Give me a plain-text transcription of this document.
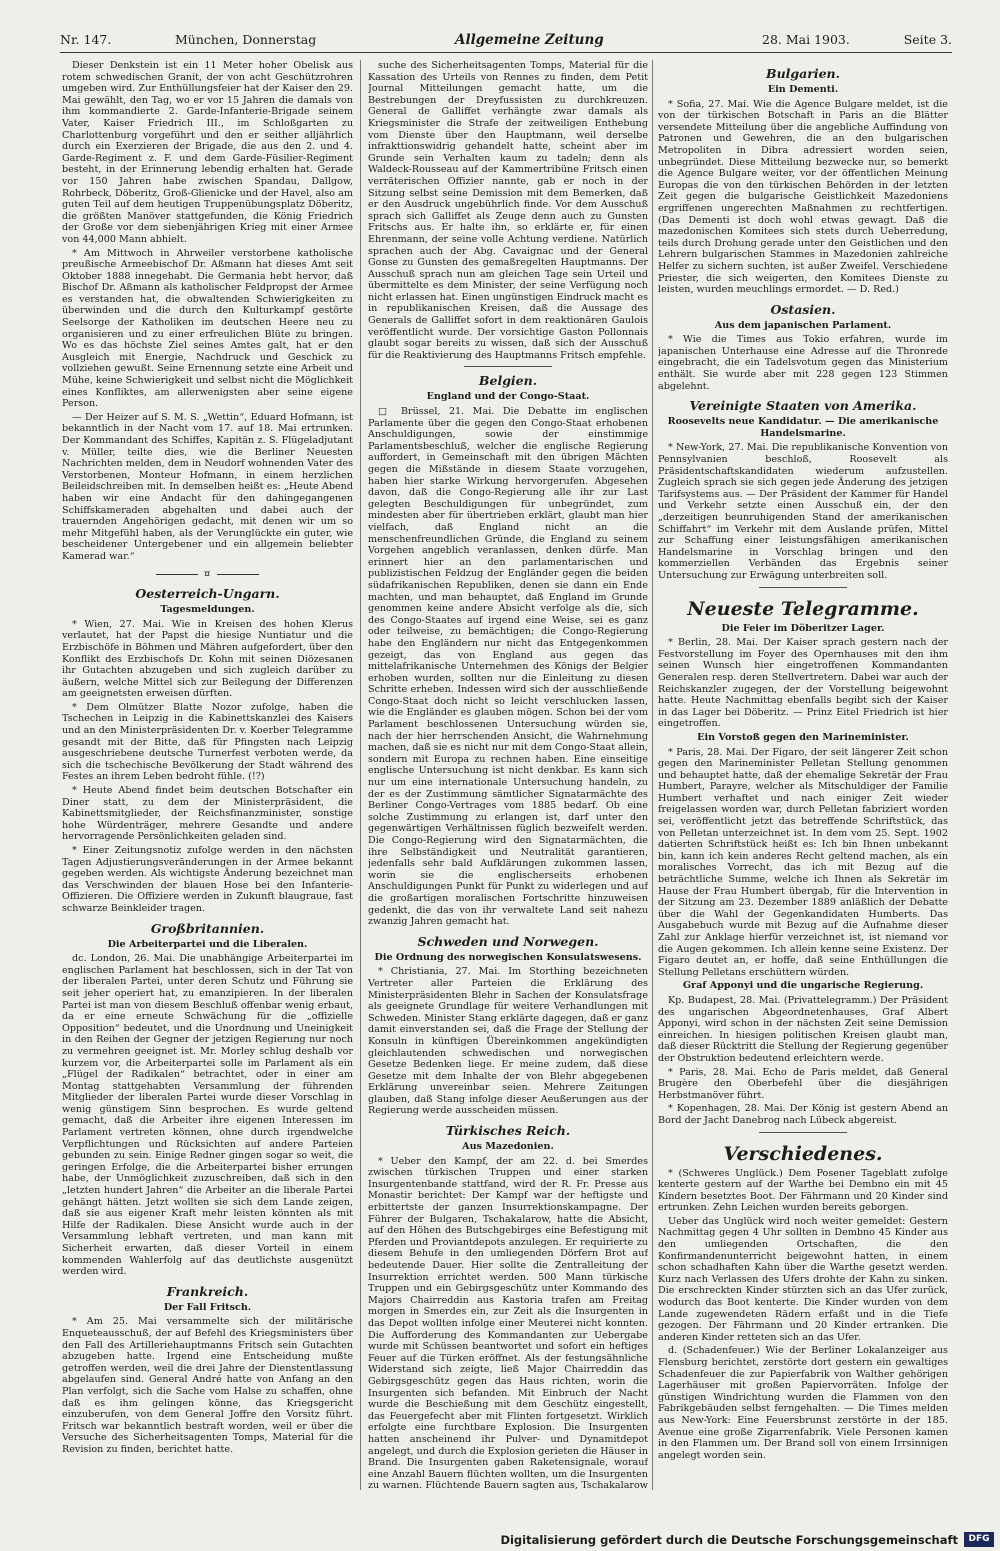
Nr. 147.	München, Donnerstag	Allgemeine Zeitung	28. Mai 1903.	Seite 3.

Dieser Denkstein ist ein 11 Meter hoher Obelisk aus rotem schwedischen Granit, der von acht Geschützrohren umgeben wird. Zur Enthüllungsfeier hat der Kaiser den 29. Mai gewählt, den Tag, wo er vor 15 Jahren die damals von ihm kommandierte 2. Garde-Infanterie-Brigade seinem Vater, Kaiser Friedrich III., im Schloßgarten zu Charlottenburg vorgeführt und den er seither alljährlich durch ein Exerzieren der Brigade, die aus den 2. und 4. Garde-Regiment z. F. und dem Garde-Füsilier-Regiment besteht, in der Erinnerung lebendig erhalten hat. Gerade vor 150 Jahren habe zwischen Spandau, Dallgow, Rohrbeck, Döberitz, Groß-Glienicke und der Havel, also am guten Teil auf dem heutigen Truppenübungsplatz Döberitz, die größten Manöver stattgefunden, die König Friedrich der Große vor dem siebenjährigen Krieg mit einer Armee von 44,000 Mann abhielt.

* Am Mittwoch in Ahrweiler verstorbene katholische preußische Armeebischof Dr. Aßmann hat dieses Amt seit Oktober 1888 innegehabt. Die Germania hebt hervor, daß Bischof Dr. Aßmann als katholischer Feldpropst der Armee es verstanden hat, die obwaltenden Schwierigkeiten zu überwinden und die durch den Kulturkampf gestörte Seelsorge der Katholiken im deutschen Heere neu zu organisieren und zu einer erfreulichen Blüte zu bringen. Wo es das höchste Ziel seines Amtes galt, hat er den Ausgleich mit Energie, Nachdruck und Geschick zu vollziehen gewußt. Seine Ernennung setzte eine Arbeit und Mühe, keine Schwierigkeit und selbst nicht die Möglichkeit eines Konfliktes, am allerwenigsten aber seine eigene Person.

— Der Heizer auf S. M. S. „Wettin“, Eduard Hofmann, ist bekanntlich in der Nacht vom 17. auf 18. Mai ertrunken. Der Kommandant des Schiffes, Kapitän z. S. Flügeladjutant v. Müller, teilte dies, wie die Berliner Neuesten Nachrichten melden, dem in Neudorf wohnenden Vater des Verstorbenen, Monteur Hofmann, in einem herzlichen Beileidschreiben mit. In demselben heißt es: „Heute Abend haben wir eine Andacht für den dahingegangenen Schiffskameraden abgehalten und dabei auch der trauernden Angehörigen gedacht, mit denen wir um so mehr Mitgefühl haben, als der Verunglückte ein guter, wie bescheidener Untergebener und ein allgemein beliebter Kamerad war.“

¤
Oesterreich-Ungarn.
Tagesmeldungen.

* Wien, 27. Mai. Wie in Kreisen des hohen Klerus verlautet, hat der Papst die hiesige Nuntiatur und die Erzbischöfe in Böhmen und Mähren aufgefordert, über den Konflikt des Erzbischofs Dr. Kohn mit seinen Diözesanen ihr Gutachten abzugeben und sich zugleich darüber zu äußern, welche Mittel sich zur Beilegung der Differenzen am geeignetsten erweisen dürften.

* Dem Olmützer Blatte Nozor zufolge, haben die Tschechen in Leipzig in die Kabinettskanzlei des Kaisers und an den Ministerpräsidenten Dr. v. Koerber Telegramme gesandt mit der Bitte, daß für Pfingsten nach Leipzig ausgeschriebene deutsche Turnerfest verboten werde, da sich die tschechische Bevölkerung der Stadt während des Festes an ihrem Leben bedroht fühle. (!?)

* Heute Abend findet beim deutschen Botschafter ein Diner statt, zu dem der Ministerpräsident, die Kabinettsmitglieder, der Reichsfinanzminister, sonstige hohe Würdenträger, mehrere Gesandte und andere hervorragende Persönlichkeiten geladen sind.

* Einer Zeitungsnotiz zufolge werden in den nächsten Tagen Adjustierungsveränderungen in der Armee bekannt gegeben werden. Als wichtigste Änderung bezeichnet man das Verschwinden der blauen Hose bei den Infanterie-Offizieren. Die Offiziere werden in Zukunft blaugraue, fast schwarze Beinkleider tragen.

Großbritannien.
Die Arbeiterpartei und die Liberalen.

dc. London, 26. Mai. Die unabhängige Arbeiterpartei im englischen Parlament hat beschlossen, sich in der Tat von der liberalen Partei, unter deren Schutz und Führung sie seit jeher operiert hat, zu emanzipieren. In der liberalen Partei ist man von diesem Beschluß offenbar wenig erbaut, da er eine erneute Schwächung für die „offizielle Opposition“ bedeutet, und die Unordnung und Uneinigkeit in den Reihen der Gegner der jetzigen Regierung nur noch zu vermehren geeignet ist. Mr. Morley schlug deshalb vor kurzem vor, die Arbeiterpartei solle im Parlament als ein „Flügel der Radikalen“ betrachtet, oder in einer am Montag stattgehabten Versammlung der führenden Mitglieder der liberalen Partei wurde dieser Vorschlag in wenig günstigem Sinn besprochen. Es wurde geltend gemacht, daß die Arbeiter ihre eigenen Interessen im Parlament vertreten können, ohne durch irgendwelche Verpflichtungen und Rücksichten auf andere Parteien gebunden zu sein. Einige Redner gingen sogar so weit, die geringen Erfolge, die die Arbeiterpartei bisher errungen habe, der Unmöglichkeit zuzuschreiben, daß sich in den „letzten hundert Jahren“ die Arbeiter an die liberale Partei gehängt hätten. Jetzt wollten sie sich dem Lande zeigen, daß sie aus eigener Kraft mehr leisten könnten als mit Hilfe der Radikalen. Diese Ansicht wurde auch in der Versammlung lebhaft vertreten, und man kann mit Sicherheit erwarten, daß dieser Vorteil in einem kommenden Wahlerfolg auf das deutlichste ausgenützt werden wird.

Frankreich.
Der Fall Fritsch.

* Am 25. Mai versammelte sich der militärische Enqueteausschuß, der auf Befehl des Kriegsministers über den Fall des Artilleriehauptmanns Fritsch sein Gutachten abzugeben hatte. Irgend eine Entscheidung mußte getroffen werden, weil die drei Jahre der Dienstentlassung abgelaufen sind. General André hatte von Anfang an den Plan verfolgt, sich die Sache vom Halse zu schaffen, ohne daß es ihm gelingen könne, das Kriegsgericht einzuberufen, von dem General Joffre den Vorsitz führt. Fritsch war bekanntlich bestraft worden, weil er über die Versuche des Sicherheitsagenten Tomps, Material für die Revision zu finden, berichtet hatte.

suche des Sicherheitsagenten Tomps, Material für die Kassation des Urteils von Rennes zu finden, dem Petit Journal Mitteilungen gemacht hatte, um die Bestrebungen der Dreyfussisten zu durchkreuzen. General de Galliffet verhängte zwar damals als Kriegsminister die Strafe der zeitweiligen Enthebung vom Dienste über den Hauptmann, weil derselbe infrakttionswidrig gehandelt hatte, scheint aber im Grunde sein Verhalten kaum zu tadeln; denn als Waldeck-Rousseau auf der Kammertribüne Fritsch einen verräterischen Offizier nannte, gab er noch in der Sitzung selbst seine Demission mit dem Bemerken, daß er den Ausdruck ungebührlich finde. Vor dem Ausschuß sprach sich Galliffet als Zeuge denn auch zu Gunsten Fritschs aus. Er halte ihn, so erklärte er, für einen Ehrenmann, der seine volle Achtung verdiene. Natürlich sprachen auch der Abg. Cavaignac und der General Gonse zu Gunsten des gemaßregelten Hauptmanns. Der Ausschuß sprach nun am gleichen Tage sein Urteil und übermittelte es dem Minister, der seine Verfügung noch nicht erlassen hat. Einen ungünstigen Eindruck macht es in republikanischen Kreisen, daß die Aussage des Generals de Galliffet sofort in dem reaktionären Gaulois veröffentlicht wurde. Der vorsichtige Gaston Pollonnais glaubt sogar bereits zu wissen, daß sich der Ausschuß für die Reaktivierung des Hauptmanns Fritsch empfehle.

Belgien.
England und der Congo-Staat.

□ Brüssel, 21. Mai. Die Debatte im englischen Parlamente über die gegen den Congo-Staat erhobenen Anschuldigungen, sowie der einstimmige Parlamentsbeschluß, welcher die englische Regierung auffordert, in Gemeinschaft mit den übrigen Mächten gegen die Mißstände in diesem Staate vorzugehen, haben hier starke Wirkung hervorgerufen. Abgesehen davon, daß die Congo-Regierung alle ihr zur Last gelegten Beschuldigungen für unbegründet, zum mindesten aber für übertrieben erklärt, glaubt man hier vielfach, daß England nicht an die menschenfreundlichen Gründe, die England zu seinem Vorgehen angeblich veranlassen, denken dürfe. Man erinnert hier an den parlamentarischen und publizistischen Feldzug der Engländer gegen die beiden südafrikanischen Republiken, denen sie dann ein Ende machten, und man behauptet, daß England im Grunde genommen keine andere Absicht verfolge als die, sich des Congo-Staates auf irgend eine Weise, sei es ganz oder teilweise, zu bemächtigen; die Congo-Regierung habe den Engländern nur nicht das Entgegenkommen gezeigt, das von England aus gegen das mittelafrikanische Unternehmen des Königs der Belgier erhoben wurden, sollten nur die Einleitung zu diesen Schritte erheben. Indessen wird sich der ausschließende Congo-Staat doch nicht so leicht verschlucken lassen, wie die Engländer es glauben mögen. Schon bei der vom Parlament beschlossenen Untersuchung würden sie, nach der hier herrschenden Ansicht, die Wahrnehmung machen, daß sie es nicht nur mit dem Congo-Staat allein, sondern mit Europa zu rechnen haben. Eine einseitige englische Untersuchung ist nicht denkbar. Es kann sich nur um eine internationale Untersuchung handeln, zu der es der Zustimmung sämtlicher Signatarmächte des Berliner Congo-Vertrages vom 1885 bedarf. Ob eine solche Zustimmung zu erlangen ist, darf unter den gegenwärtigen Verhältnissen füglich bezweifelt werden. Die Congo-Regierung wird den Signatarmächten, die ihre Selbständigkeit und Neutralität garantieren, jedenfalls sehr bald Aufklärungen zukommen lassen, worin sie die englischerseits erhobenen Anschuldigungen Punkt für Punkt zu widerlegen und auf die großartigen moralischen Fortschritte hinzuweisen gedenkt, die das von ihr verwaltete Land seit nahezu zwanzig Jahren gemacht hat.

Schweden und Norwegen.
Die Ordnung des norwegischen Konsulatswesens.

* Christiania, 27. Mai. Im Storthing bezeichneten Vertreter aller Parteien die Erklärung des Ministerpräsidenten Blehr in Sachen der Konsulatsfrage als geeignete Grundlage für weitere Verhandlungen mit Schweden. Minister Stang erklärte dagegen, daß er ganz damit einverstanden sei, daß die Frage der Stellung der Konsuln in künftigen Übereinkommen angekündigten gleichlautenden schwedischen und norwegischen Gesetze Bedenken liege. Er meine zudem, daß diese Gesetze mit dem Inhalte der von Blehr abgegebenen Erklärung unvereinbar seien. Mehrere Zeitungen glauben, daß Stang infolge dieser Aeußerungen aus der Regierung werde ausscheiden müssen.

Türkisches Reich.
Aus Mazedonien.

* Ueber den Kampf, der am 22. d. bei Smerdes zwischen türkischen Truppen und einer starken Insurgentenbande stattfand, wird der R. Fr. Presse aus Monastir berichtet: Der Kampf war der heftigste und erbittertste der ganzen Insurrektionskampagne. Der Führer der Bulgaren, Tschakalarow, hatte die Absicht, auf den Höhen des Butschgebirges eine Befestigung mit Pferden und Proviantdepots anzulegen. Er requirierte zu diesem Behufe in den umliegenden Dörfern Brot auf bedeutende Dauer. Hier sollte die Zentralleitung der Insurrektion errichtet werden. 500 Mann türkische Truppen und ein Gebirgsgeschütz unter Kommando des Majors Chairreddin aus Kastoria trafen am Freitag morgen in Smerdes ein, zur Zeit als die Insurgenten in das Depot wollten infolge einer Meuterei nicht konnten. Die Aufforderung des Kommandanten zur Uebergabe wurde mit Schüssen beantwortet und sofort ein heftiges Feuer auf die Türken eröffnet. Als der festungsähnliche Widerstand sich zeigte, ließ Major Chairreddin das Gebirgsgeschütz gegen das Haus richten, worin die Insurgenten sich befanden. Mit Einbruch der Nacht wurde die Beschießung mit dem Geschütz eingestellt, das Feuergefecht aber mit Flinten fortgesetzt. Wirklich erfolgte eine furchtbare Explosion. Die Insurgenten hatten anscheinend ihr Pulver- und Dynamitdepot angelegt, und durch die Explosion gerieten die Häuser in Brand. Die Insurgenten gaben Raketensignale, worauf eine Anzahl Bauern flüchten wollten, um die Insurgenten zu warnen. Flüchtende Bauern sagten aus, Tschakalarow

Bulgarien.
Ein Dementi.

* Sofia, 27. Mai. Wie die Agence Bulgare meldet, ist die von der türkischen Botschaft in Paris an die Blätter versendete Mitteilung über die angebliche Auffindung von Patronen und Gewehren, die an den bulgarischen Metropoliten in Dibra adressiert worden seien, unbegründet. Diese Mitteilung bezwecke nur, so bemerkt die Agence Bulgare weiter, vor der öffentlichen Meinung Europas die von den türkischen Behörden in der letzten Zeit gegen die bulgarische Geistlichkeit Mazedoniens ergriffenen ungerechten Maßnahmen zu rechtfertigen. (Das Dementi ist doch wohl etwas gewagt. Daß die mazedonischen Komitees sich stets durch Ueberredung, teils durch Drohung gerade unter den Geistlichen und den Lehrern bulgarischen Stammes in Mazedonien zahlreiche Helfer zu sichern suchten, ist außer Zweifel. Verschiedene Priester, die sich weigerten, den Komitees Dienste zu leisten, wurden meuchlings ermordet. — D. Red.)

Ostasien.
Aus dem japanischen Parlament.

* Wie die Times aus Tokio erfahren, wurde im japanischen Unterhause eine Adresse auf die Thronrede eingebracht, die ein Tadelsvotum gegen das Ministerium enthält. Sie wurde aber mit 228 gegen 123 Stimmen abgelehnt.

Vereinigte Staaten von Amerika.
Roosevelts neue Kandidatur. — Die amerikanische Handelsmarine.

* New-York, 27. Mai. Die republikanische Konvention von Pennsylvanien beschloß, Roosevelt als Präsidentschaftskandidaten wiederum aufzustellen. Zugleich sprach sie sich gegen jede Änderung des jetzigen Tarifsystems aus. — Der Präsident der Kammer für Handel und Verkehr setzte einen Ausschuß ein, der den „derzeitigen beunruhigenden Stand der amerikanischen Schiffahrt“ im Verkehr mit dem Auslande prüfen, Mittel zur Schaffung einer leistungsfähigen amerikanischen Handelsmarine in Vorschlag bringen und den kommerziellen Verbänden das Ergebnis seiner Untersuchung zur Erwägung unterbreiten soll.

Neueste Telegramme.
Die Feier im Döberitzer Lager.

* Berlin, 28. Mai. Der Kaiser sprach gestern nach der Festvorstellung im Foyer des Opernhauses mit den ihm seinen Wunsch hier eingetroffenen Kommandanten Generalen resp. deren Stellvertretern. Dabei war auch der Reichskanzler zugegen, der der Vorstellung beigewohnt hatte. Heute Nachmittag ebenfalls begibt sich der Kaiser in das Lager bei Döberitz. — Prinz Eitel Friedrich ist hier eingetroffen.

Ein Vorstoß gegen den Marineminister.

* Paris, 28. Mai. Der Figaro, der seit längerer Zeit schon gegen den Marineminister Pelletan Stellung genommen und behauptet hatte, daß der ehemalige Sekretär der Frau Humbert, Parayre, welcher als Mitschuldiger der Familie Humbert verhaftet und nach einiger Zeit wieder freigelassen worden war, durch Pelletan fabriziert worden sei, veröffentlicht jetzt das betreffende Schriftstück, das von Pelletan unterzeichnet ist. In dem vom 25. Sept. 1902 datierten Schriftstück heißt es: Ich bin Ihnen unbekannt bin, kann ich kein anderes Recht geltend machen, als ein moralisches Vorrecht, das ich mit Bezug auf die beträchtliche Summe, welche ich Ihnen als Sekretär im Hause der Frau Humbert übergab, für die Intervention in der Sitzung am 23. Dezember 1889 anläßlich der Debatte über die Wahl der Gegenkandidaten Humberts. Das Ausgabebuch wurde mit Bezug auf die Aufnahme dieser Zahl zur Anklage hierfür verzeichnet ist, ist niemand vor die Augen gekommen. Ich allein kenne seine Existenz. Der Figaro deutet an, er hoffe, daß seine Enthüllungen die Stellung Pelletans erschüttern würden.

Graf Apponyi und die ungarische Regierung.

Kp. Budapest, 28. Mai. (Privattelegramm.) Der Präsident des ungarischen Abgeordnetenhauses, Graf Albert Apponyi, wird schon in der nächsten Zeit seine Demission einreichen. In hiesigen politischen Kreisen glaubt man, daß dieser Rücktritt die Stellung der Regierung gegenüber der Obstruktion bedeutend erleichtern werde.

* Paris, 28. Mai. Echo de Paris meldet, daß General Brugère den Oberbefehl über die diesjährigen Herbstmanöver führt.

* Kopenhagen, 28. Mai. Der König ist gestern Abend an Bord der Jacht Danebrog nach Lübeck abgereist.

Verschiedenes.

* (Schweres Unglück.) Dem Posener Tageblatt zufolge kenterte gestern auf der Warthe bei Dembno ein mit 45 Kindern besetztes Boot. Der Fährmann und 20 Kinder sind ertrunken. Zehn Leichen wurden bereits geborgen.

Ueber das Unglück wird noch weiter gemeldet: Gestern Nachmittag gegen 4 Uhr sollten in Dembno 45 Kinder aus den umliegenden Ortschaften, die den Konfirmandenunterricht beigewohnt hatten, in einem schon schadhaften Kahn über die Warthe gesetzt werden. Kurz nach Verlassen des Ufers drohte der Kahn zu sinken. Die erschreckten Kinder stürzten sich an das Ufer zurück, wodurch das Boot kenterte. Die Kinder wurden von dem Lande zugewendeten Rädern erfaßt und in die Tiefe gezogen. Der Fährmann und 20 Kinder ertranken. Die anderen Kinder retteten sich an das Ufer.

d. (Schadenfeuer.) Wie der Berliner Lokalanzeiger aus Flensburg berichtet, zerstörte dort gestern ein gewaltiges Schadenfeuer die zur Papierfabrik von Walther gehörigen Lagerhäuser mit großen Papiervorräten. Infolge der günstigen Windrichtung wurden die Flammen von den Fabrikgebäuden selbst ferngehalten. — Die Times melden aus New-York: Eine Feuersbrunst zerstörte in der 185. Avenue eine große Zigarrenfabrik. Viele Personen kamen in den Flammen um. Der Brand soll von einem Irrsinnigen angelegt worden sein.

Digitalisierung gefördert durch die Deutsche Forschungsgemeinschaft	DFG
